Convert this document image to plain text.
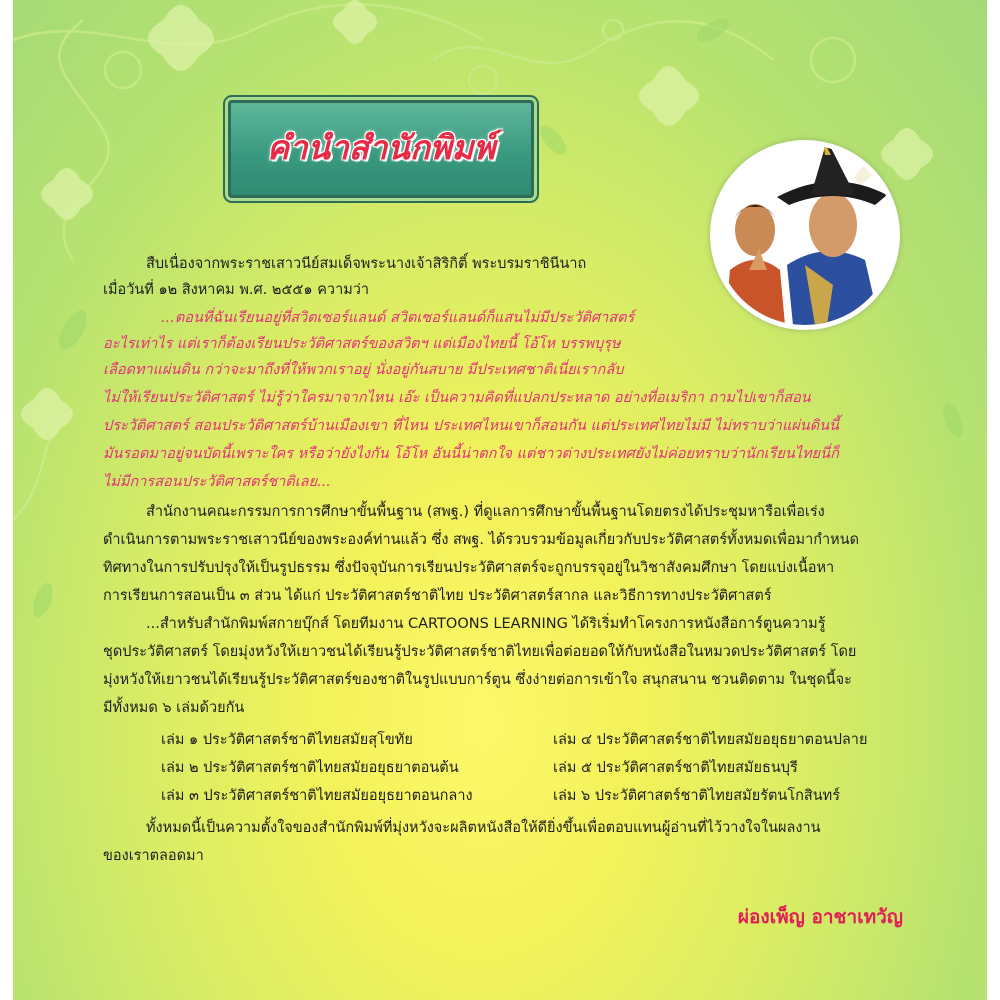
คำนำสำนักพิมพ์
สืบเนื่องจากพระราชเสาวนีย์สมเด็จพระนางเจ้าสิริกิติ์ พระบรมราชินีนาถ
เมื่อวันที่ ๑๒ สิงหาคม พ.ศ. ๒๕๕๑ ความว่า
...ตอนที่ฉันเรียนอยู่ที่สวิตเซอร์แลนด์ สวิตเซอร์แลนด์ก็แสนไม่มีประวัติศาสตร์
อะไรเท่าไร แต่เราก็ต้องเรียนประวัติศาสตร์ของสวิตฯ แต่เมืองไทยนี้ โอ้โห บรรพบุรุษ
เลือดทาแผ่นดิน กว่าจะมาถึงที่ให้พวกเราอยู่ นั่งอยู่กันสบาย มีประเทศชาติเนี่ยเรากลับ
ไม่ให้เรียนประวัติศาสตร์ ไม่รู้ว่าใครมาจากไหน เอ๊ะ เป็นความคิดที่แปลกประหลาด อย่างที่อเมริกา ถามไปเขาก็สอน
ประวัติศาสตร์ สอนประวัติศาสตร์บ้านเมืองเขา ที่ไหน ประเทศไหนเขาก็สอนกัน แต่ประเทศไทยไม่มี ไม่ทราบว่าแผ่นดินนี้
มันรอดมาอยู่จนบัดนี้เพราะใคร หรือว่ายังไงกัน โอ้โห อันนี้น่าตกใจ แต่ชาวต่างประเทศยังไม่ค่อยทราบว่านักเรียนไทยนี่ก็
ไม่มีการสอนประวัติศาสตร์ชาติเลย...
สำนักงานคณะกรรมการการศึกษาขั้นพื้นฐาน (สพฐ.) ที่ดูแลการศึกษาขั้นพื้นฐานโดยตรงได้ประชุมหารือเพื่อเร่ง
ดำเนินการตามพระราชเสาวนีย์ของพระองค์ท่านแล้ว ซึ่ง สพฐ. ได้รวบรวมข้อมูลเกี่ยวกับประวัติศาสตร์ทั้งหมดเพื่อมากำหนด
ทิศทางในการปรับปรุงให้เป็นรูปธรรม ซึ่งปัจจุบันการเรียนประวัติศาสตร์จะถูกบรรจุอยู่ในวิชาสังคมศึกษา โดยแบ่งเนื้อหา
การเรียนการสอนเป็น ๓ ส่วน ได้แก่ ประวัติศาสตร์ชาติไทย ประวัติศาสตร์สากล และวิธีการทางประวัติศาสตร์
...สำหรับสำนักพิมพ์สกายบุ๊กส์ โดยทีมงาน CARTOONS LEARNING ได้ริเริ่มทำโครงการหนังสือการ์ตูนความรู้
ชุดประวัติศาสตร์ โดยมุ่งหวังให้เยาวชนได้เรียนรู้ประวัติศาสตร์ชาติไทยเพื่อต่อยอดให้กับหนังสือในหมวดประวัติศาสตร์ โดย
มุ่งหวังให้เยาวชนได้เรียนรู้ประวัติศาสตร์ของชาติในรูปแบบการ์ตูน ซึ่งง่ายต่อการเข้าใจ สนุกสนาน ชวนติดตาม ในชุดนี้จะ
มีทั้งหมด ๖ เล่มด้วยกัน
เล่ม ๑ ประวัติศาสตร์ชาติไทยสมัยสุโขทัย
เล่ม ๒ ประวัติศาสตร์ชาติไทยสมัยอยุธยาตอนต้น
เล่ม ๓ ประวัติศาสตร์ชาติไทยสมัยอยุธยาตอนกลาง
เล่ม ๔ ประวัติศาสตร์ชาติไทยสมัยอยุธยาตอนปลาย
เล่ม ๕ ประวัติศาสตร์ชาติไทยสมัยธนบุรี
เล่ม ๖ ประวัติศาสตร์ชาติไทยสมัยรัตนโกสินทร์
ทั้งหมดนี้เป็นความตั้งใจของสำนักพิมพ์ที่มุ่งหวังจะผลิตหนังสือให้ดียิ่งขึ้นเพื่อตอบแทนผู้อ่านที่ไว้วางใจในผลงาน
ของเราตลอดมา
ผ่องเพ็ญ อาชาเทวัญ
